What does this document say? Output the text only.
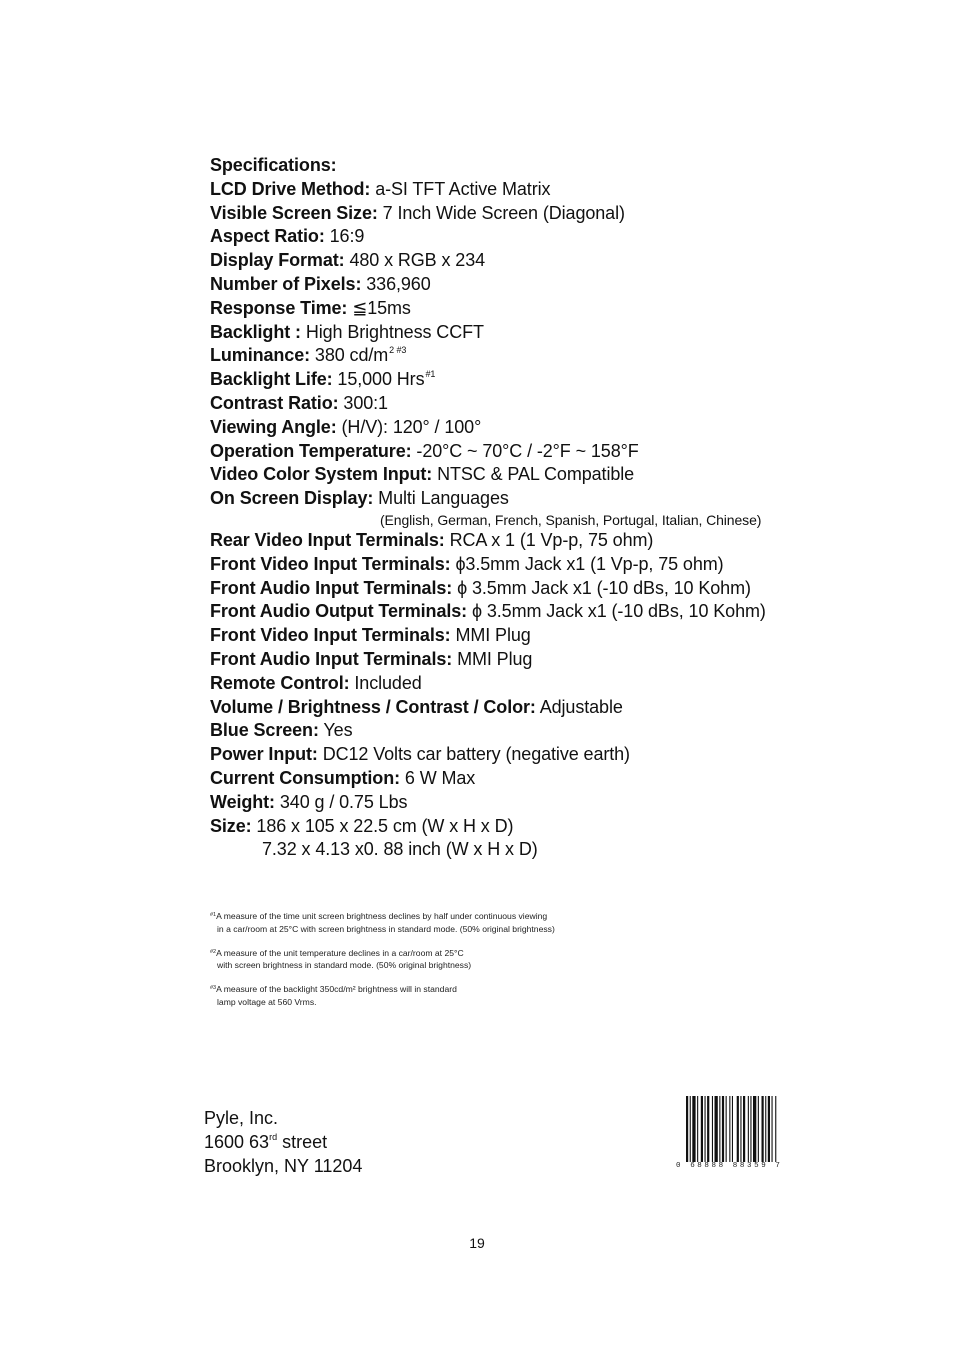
Specifications:
LCD Drive Method: a-SI TFT Active Matrix
Visible Screen Size: 7 Inch Wide Screen (Diagonal)
Aspect Ratio: 16:9
Display Format: 480 x RGB x 234
Number of Pixels: 336,960
Response Time: ≦15ms
Backlight : High Brightness CCFT
Luminance: 380 $cd/m^{2 \#3}$
Backlight Life: 15,000 Hrs$^{\#1}$
Contrast Ratio: 300:1
Viewing Angle: (H/V): 120° / 100°
Operation Temperature: -20°C ~ 70°C / -2°F ~ 158°F
Video Color System Input: NTSC & PAL Compatible
On Screen Display: Multi Languages
(English, German, French, Spanish, Portugal, Italian, Chinese)
Rear Video Input Terminals: RCA x 1 (1 Vp-p, 75 ohm)
Front Video Input Terminals: ϕ3.5mm Jack x1 (1 Vp-p, 75 ohm)
Front Audio Input Terminals: ϕ 3.5mm Jack x1 (-10 dBs, 10 Kohm)
Front Audio Output Terminals: ϕ 3.5mm Jack x1 (-10 dBs, 10 Kohm)
Front Video Input Terminals: MMI Plug
Front Audio Input Terminals: MMI Plug
Remote Control: Included
Volume / Brightness / Contrast / Color: Adjustable
Blue Screen: Yes
Power Input: DC12 Volts car battery (negative earth)
Current Consumption: 6 W Max
Weight: 340 g / 0.75 Lbs
Size: 186 x 105 x 22.5 cm (W x H x D)
7.32 x 4.13 x0. 88 inch (W x H x D)
$^{\#1}$A measure of the time unit screen brightness declines by half under continuous viewing
in a car/room at 25°C with screen brightness in standard mode. (50% original brightness)
$^{\#2}$A measure of the unit temperature declines in a car/room at 25°C
with screen brightness in standard mode. (50% original brightness)
$^{\#3}$A measure of the backlight 350cd/m² brightness will in standard
lamp voltage at 560 Vrms.
Pyle, Inc.
1600 63rd street
Brooklyn, NY 11204	0 68888 88359 7
19
